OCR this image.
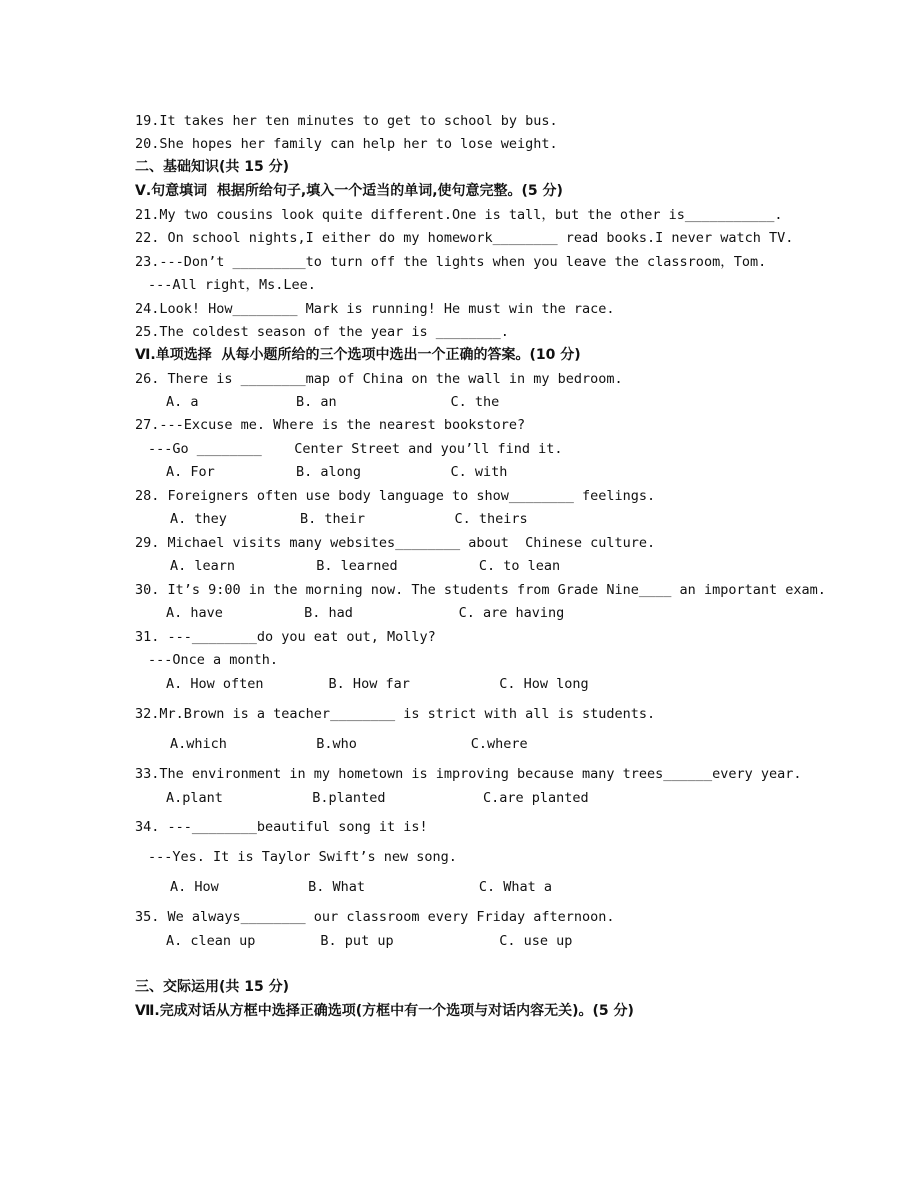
19.It takes her ten minutes to get to school by bus.
20.She hopes her family can help her to lose weight.
二、基础知识(共 15 分)
Ⅴ.句意填词  根据所给句子,填入一个适当的单词,使句意完整。(5 分)
21.My two cousins look quite different.One is tall，but the other is___________.
22. On school nights,I either do my homework________ read books.I never watch TV.
23.---Don’t _________to turn off the lights when you leave the classroom，Tom.
---All right，Ms.Lee.
24.Look! How________ Mark is running! He must win the race.
25.The coldest season of the year is ________.
Ⅵ.单项选择  从每小题所给的三个选项中选出一个正确的答案。(10 分)
26. There is ________map of China on the wall in my bedroom.
A. a            B. an              C. the
27.---Excuse me. Where is the nearest bookstore?
---Go ________    Center Street and you’ll find it.
A. For          B. along           C. with
28. Foreigners often use body language to show________ feelings.
A. they         B. their           C. theirs
29. Michael visits many websites________ about  Chinese culture.
A. learn          B. learned          C. to lean
30. It’s 9:00 in the morning now. The students from Grade Nine____ an important exam.
A. have          B. had             C. are having
31. ---________do you eat out, Molly?
---Once a month.
A. How often        B. How far           C. How long
32.Mr.Brown is a teacher________ is strict with all is students.
A.which           B.who              C.where
33.The environment in my hometown is improving because many trees______every year.
A.plant           B.planted            C.are planted
34. ---________beautiful song it is!
---Yes. It is Taylor Swift’s new song.
A. How           B. What              C. What a
35. We always________ our classroom every Friday afternoon.
A. clean up        B. put up             C. use up
三、交际运用(共 15 分)
Ⅶ.完成对话从方框中选择正确选项(方框中有一个选项与对话内容无关)。(5 分)
